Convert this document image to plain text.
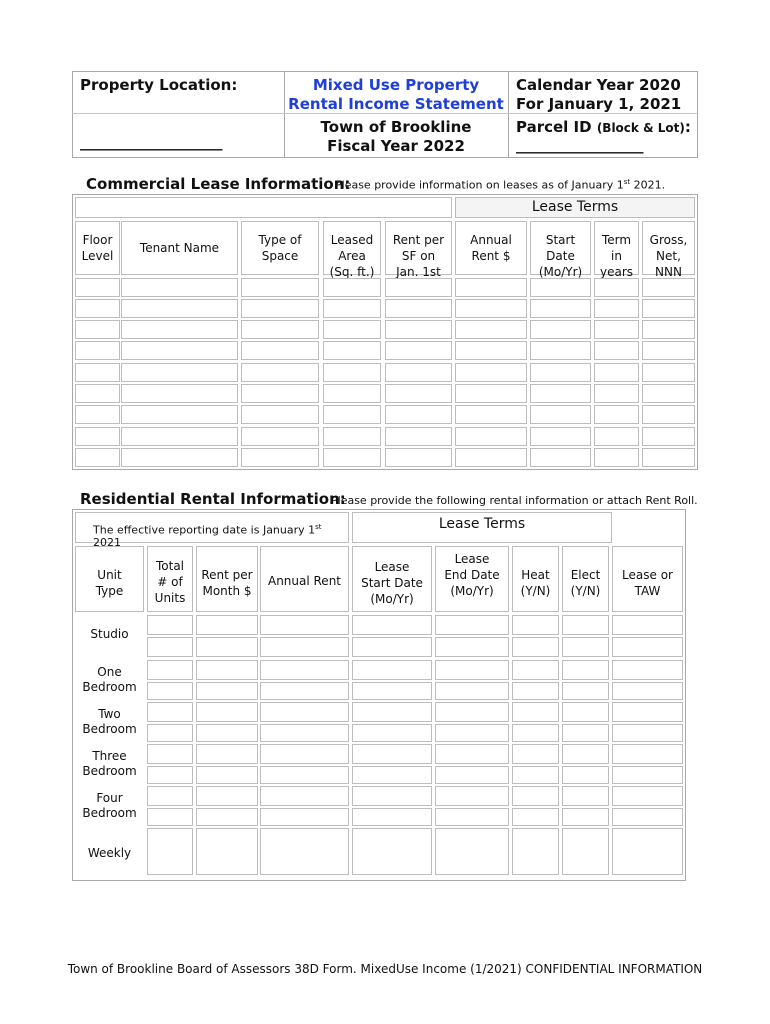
Property Location:
___________________
Mixed Use Property
Rental Income Statement
Town of Brookline
Fiscal Year 2022
Calendar Year 2020
For January 1, 2021
Parcel ID (Block & Lot):
_________________
Commercial Lease Information:
Please provide information on leases as of January 1st 2021.
Lease Terms
Floor
Level
Tenant Name
Type of
Space
Leased
Area
(Sq. ft.)
Rent per
SF on
Jan. 1st
Annual
Rent $
Start
Date
(Mo/Yr)
Term
in
years
Gross,
Net,
NNN
Residential Rental Information:
Please provide the following rental information or attach Rent Roll.
The effective reporting date is January 1st 2021
Lease Terms
Unit
Type
Total
# of
Units
Rent per
Month $
Annual Rent
Lease
Start Date
(Mo/Yr)
Lease
End Date
(Mo/Yr)
Heat
(Y/N)
Elect
(Y/N)
Lease or
TAW
Studio
One
Bedroom
Two
Bedroom
Three
Bedroom
Four
Bedroom
Weekly
Town of Brookline Board of Assessors 38D Form. MixedUse Income (1/2021) CONFIDENTIAL INFORMATION
